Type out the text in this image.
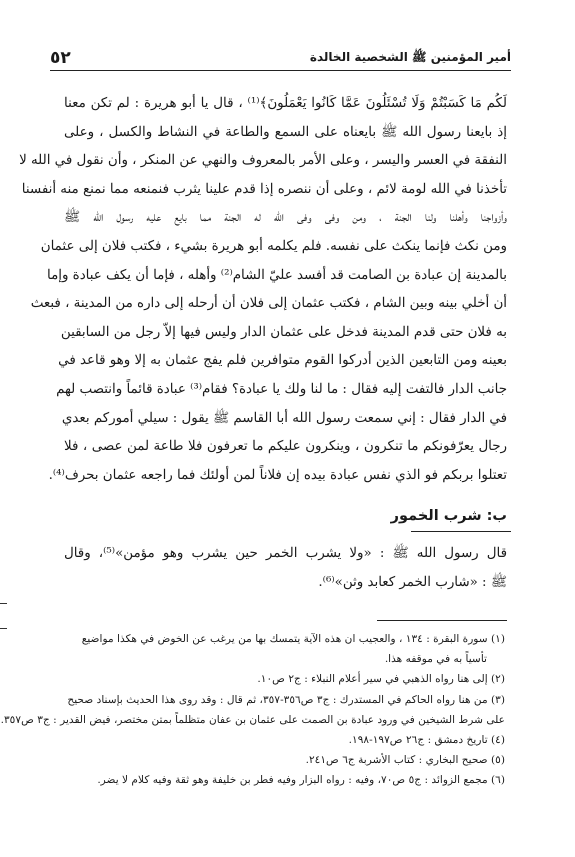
أمير المؤمنين ﷺ الشخصية الخالدة
٥٢
لَكُم مَا كَسَبْتُمْ وَلَا تُسْئَلُونَ عَمَّا كَانُوا يَعْمَلُونَ﴾⁽¹⁾ ، قال يا أبو هريرة : لم تكن معنا
إذ بايعنا رسول الله ﷺ بايعناه على السمع والطاعة في النشاط والكسل ، وعلى
النفقة في العسر واليسر ، وعلى الأمر بالمعروف والنهي عن المنكر ، وأن نقول في الله لا
تأخذنا في الله لومة لائم ، وعلى أن ننصره إذا قدم علينا يثرب فنمنعه مما نمنع منه أنفسنا
وأزواجنا وأهلنا ولنا الجنة ، ومن وفى وفى الله له الجنة مما بايع عليه رسول الله ﷺ
ومن نكث فإنما ينكث على نفسه. فلم يكلمه أبو هريرة بشيء ، فكتب فلان إلى عثمان
بالمدينة إن عبادة بن الصامت قد أفسد عليّ الشام⁽²⁾ وأهله ، فإما أن يكف عبادة وإما
أن أخلي بينه وبين الشام ، فكتب عثمان إلى فلان أن أرحله إلى داره من المدينة ، فبعث
به فلان حتى قدم المدينة فدخل على عثمان الدار وليس فيها إلاّ رجل من السابقين
بعينه ومن التابعين الذين أدركوا القوم متوافرين فلم يفج عثمان به إلا وهو قاعد في
جانب الدار فالتفت إليه فقال : ما لنا ولك يا عبادة؟ فقام⁽³⁾ عبادة قائماً وانتصب لهم
في الدار فقال : إني سمعت رسول الله أبا القاسم ﷺ يقول : سيلي أموركم بعدي
رجال يعرّفونكم ما تنكرون ، وينكرون عليكم ما تعرفون فلا طاعة لمن عصى ، فلا
تعتلوا بربكم فو الذي نفس عبادة بيده إن فلاناً لمن أولئك فما راجعه عثمان بحرف⁽⁴⁾.
ب: شرب الخمور
قال رسول الله ﷺ : «ولا يشرب الخمر حين يشرب وهو مؤمن»⁽⁵⁾، وقال
ﷺ : «شارب الخمر كعابد وثن»⁽⁶⁾.
(١) سورة البقرة : ١٣٤ ، والعجيب ان هذه الآية يتمسك بها من يرغب عن الخوض في هكذا مواضيع
تأسياً به في موقفه هذا.
(٢) إلى هنا رواه الذهبي في سير أعلام النبلاء : ج٢ ص١٠.
(٣) من هنا رواه الحاكم في المستدرك : ج٣ ص٣٥٦-٣٥٧، ثم قال : وقد روى هذا الحديث بإسناد صحيح
على شرط الشيخين في ورود عبادة بن الصمت على عثمان بن عفان متظلماً بمتن مختصر، فيض القدير : ج٣ ص٣٥٧.
(٤) تاريخ دمشق : ج٢٦ ص١٩٧-١٩٨.
(٥) صحيح البخاري : كتاب الأشربة ج٦ ص٢٤١.
(٦) مجمع الزوائد : ج٥ ص٧٠، وفيه : رواه البزار وفيه فطر بن خليفة وهو ثقة وفيه كلام لا يضر.
